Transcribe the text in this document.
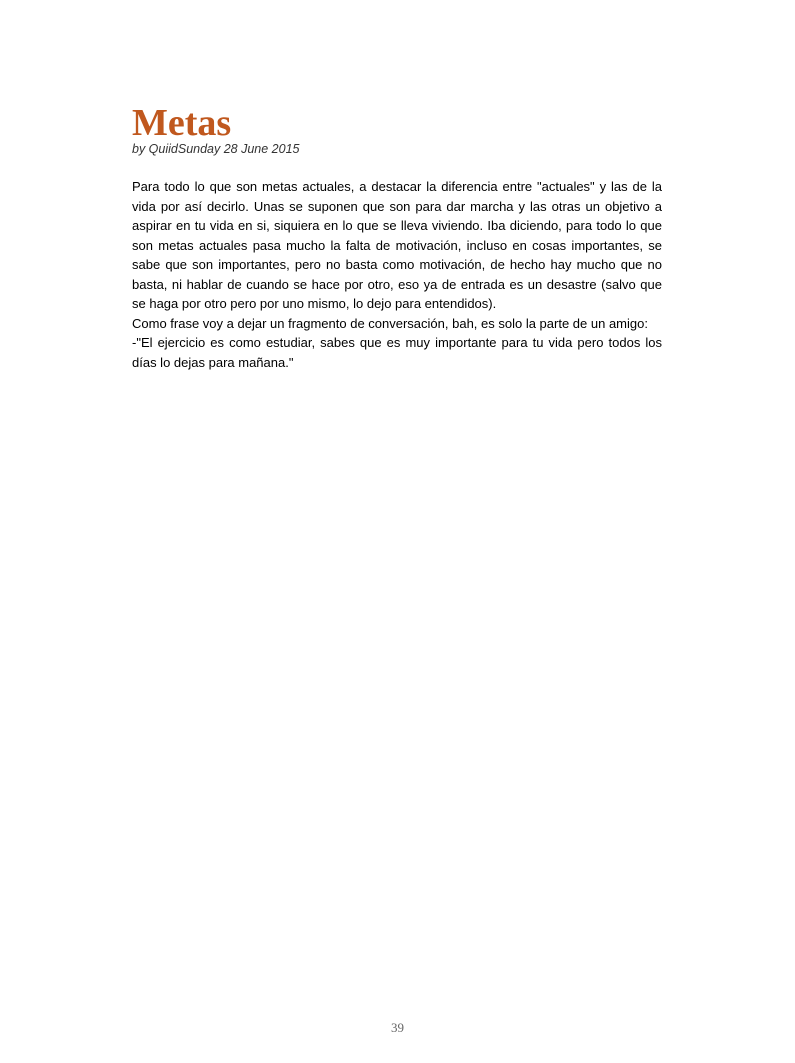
Metas
by QuiidSunday 28 June 2015

Para todo lo que son metas actuales, a destacar la diferencia entre "actuales" y las de la vida por así decirlo. Unas se suponen que son para dar marcha y las otras un objetivo a aspirar en tu vida en si, siquiera en lo que se lleva viviendo. Iba diciendo, para todo lo que son metas actuales pasa mucho la falta de motivación, incluso en cosas importantes, se sabe que son importantes, pero no basta como motivación, de hecho hay mucho que no basta, ni hablar de cuando se hace por otro, eso ya de entrada es un desastre (salvo que se haga por otro pero por uno mismo, lo dejo para entendidos).

Como frase voy a dejar un fragmento de conversación, bah, es solo la parte de un amigo:

-"El ejercicio es como estudiar, sabes que es muy importante para tu vida pero todos los días lo dejas para mañana."

39
